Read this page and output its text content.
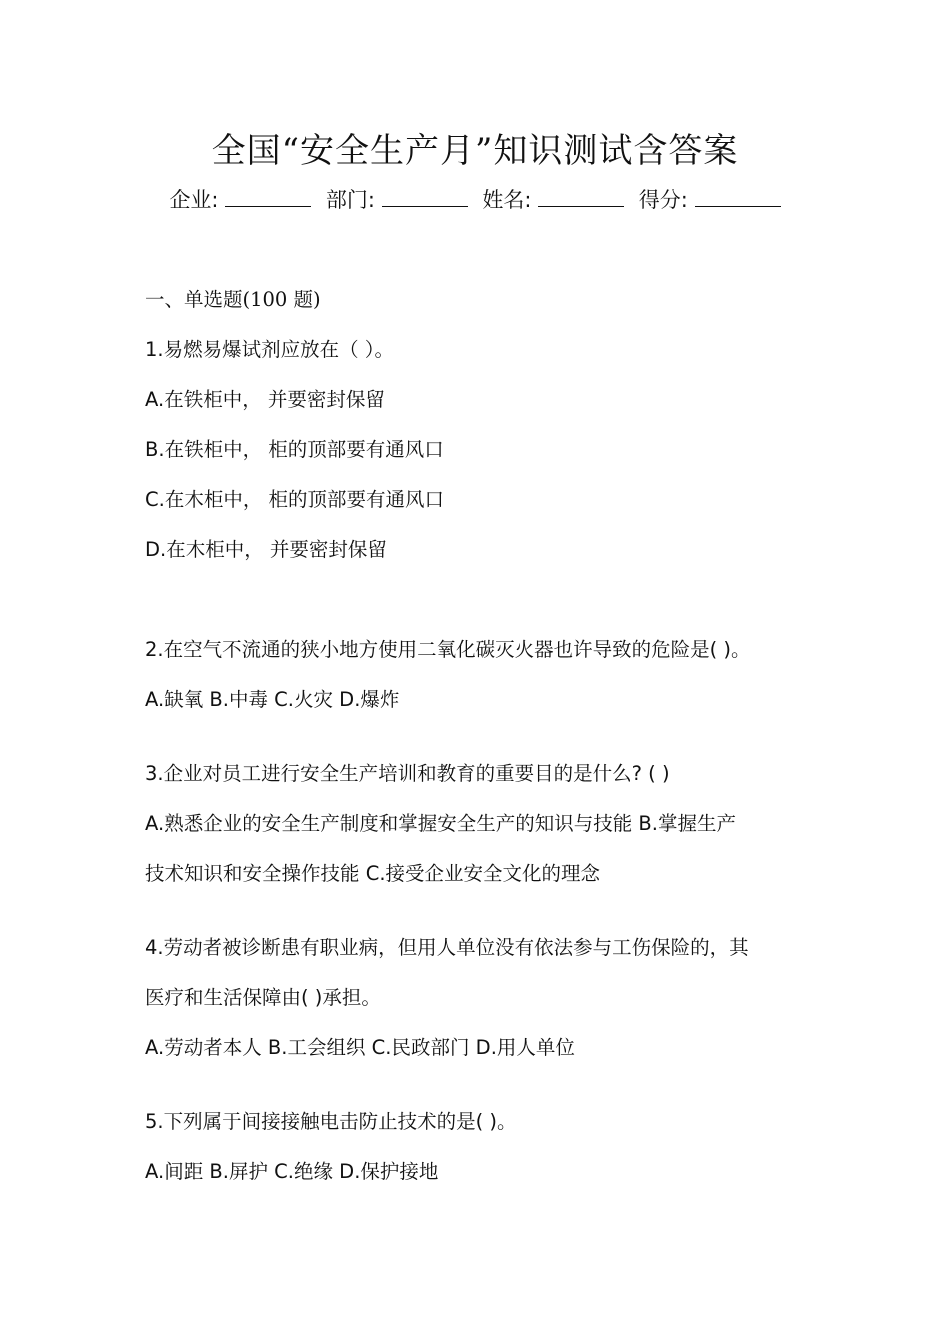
全国“安全生产月”知识测试含答案
企业:	部门:	姓名:	得分:
一、单选题(100 题)
1.易燃易爆试剂应放在（ ）。
A.在铁柜中， 并要密封保留
B.在铁柜中， 柜的顶部要有通风口
C.在木柜中， 柜的顶部要有通风口
D.在木柜中， 并要密封保留
2.在空气不流通的狭小地方使用二氧化碳灭火器也许导致的危险是( )。
A.缺氧 B.中毒 C.火灾 D.爆炸
3.企业对员工进行安全生产培训和教育的重要目的是什么? ( )
A.熟悉企业的安全生产制度和掌握安全生产的知识与技能 B.掌握生产
技术知识和安全操作技能 C.接受企业安全文化的理念
4.劳动者被诊断患有职业病，但用人单位没有依法参与工伤保险的，其
医疗和生活保障由( )承担。
A.劳动者本人 B.工会组织 C.民政部门 D.用人单位
5.下列属于间接接触电击防止技术的是( )。
A.间距 B.屏护 C.绝缘 D.保护接地
